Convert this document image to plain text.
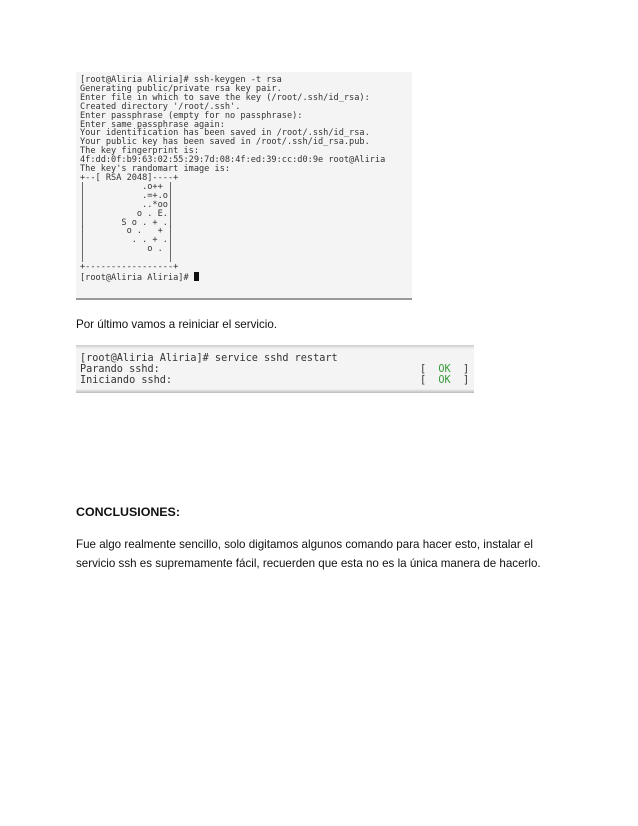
[root@Aliria Aliria]# ssh-keygen -t rsa
Generating public/private rsa key pair.
Enter file in which to save the key (/root/.ssh/id_rsa):
Created directory '/root/.ssh'.
Enter passphrase (empty for no passphrase):
Enter same passphrase again:
Your identification has been saved in /root/.ssh/id_rsa.
Your public key has been saved in /root/.ssh/id_rsa.pub.
The key fingerprint is:
4f:dd:0f:b9:63:02:55:29:7d:08:4f:ed:39:cc:d0:9e root@Aliria
The key's randomart image is:
+--[ RSA 2048]----+
|           .o++ |
|           .=+.o|
|           ..*oo|
|          o . E.|
|       S o . + .|
|        o .   + |
|         . . + .|
|            o . |
|                |
+-----------------+
[root@Aliria Aliria]#

Por último vamos a reiniciar el servicio.

[root@Aliria Aliria]# service sshd restart
Parando sshd:
Iniciando sshd:
[  OK  ]
[  OK  ]

CONCLUSIONES:

Fue algo realmente sencillo, solo digitamos algunos comando para hacer esto, instalar el servicio ssh es supremamente fácil, recuerden que esta no es la única manera de hacerlo.
